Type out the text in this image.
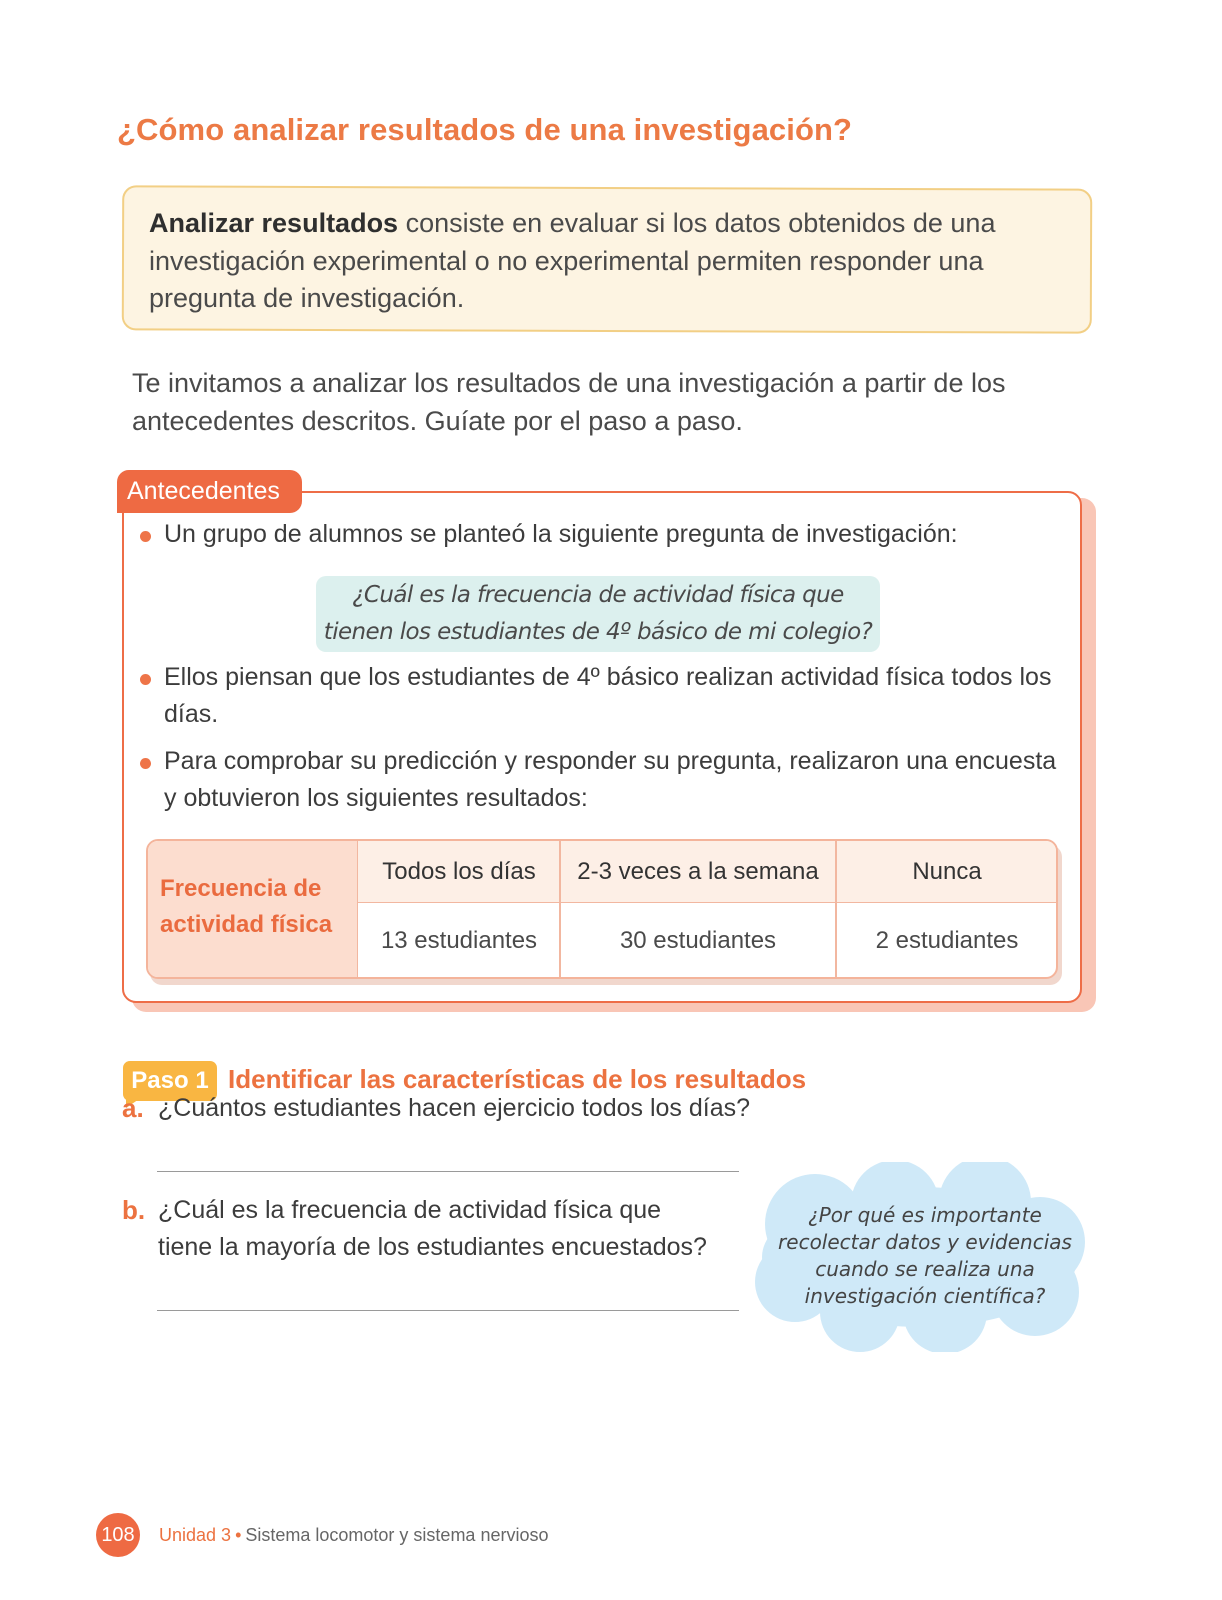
¿Cómo analizar resultados de una investigación?
Analizar resultados consiste en evaluar si los datos obtenidos de una investigación experimental o no experimental permiten responder una pregunta de investigación.
Te invitamos a analizar los resultados de una investigación a partir de los antecedentes descritos. Guíate por el paso a paso.
Antecedentes
Un grupo de alumnos se planteó la siguiente pregunta de investigación:
¿Cuál es la frecuencia de actividad física que
tienen los estudiantes de 4º básico de mi colegio?
Ellos piensan que los estudiantes de 4º básico realizan actividad física todos los días.
Para comprobar su predicción y responder su pregunta, realizaron una encuesta y obtuvieron los siguientes resultados:
Frecuencia de actividad física
Todos los días	2-3 veces a la semana	Nunca
13 estudiantes	30 estudiantes	2 estudiantes
Paso 1 Identificar las características de los resultados
a. ¿Cuántos estudiantes hacen ejercicio todos los días?
b. ¿Cuál es la frecuencia de actividad física que
tiene la mayoría de los estudiantes encuestados?
¿Por qué es importante
recolectar datos y evidencias
cuando se realiza una
investigación científica?
108 Unidad 3 • Sistema locomotor y sistema nervioso
